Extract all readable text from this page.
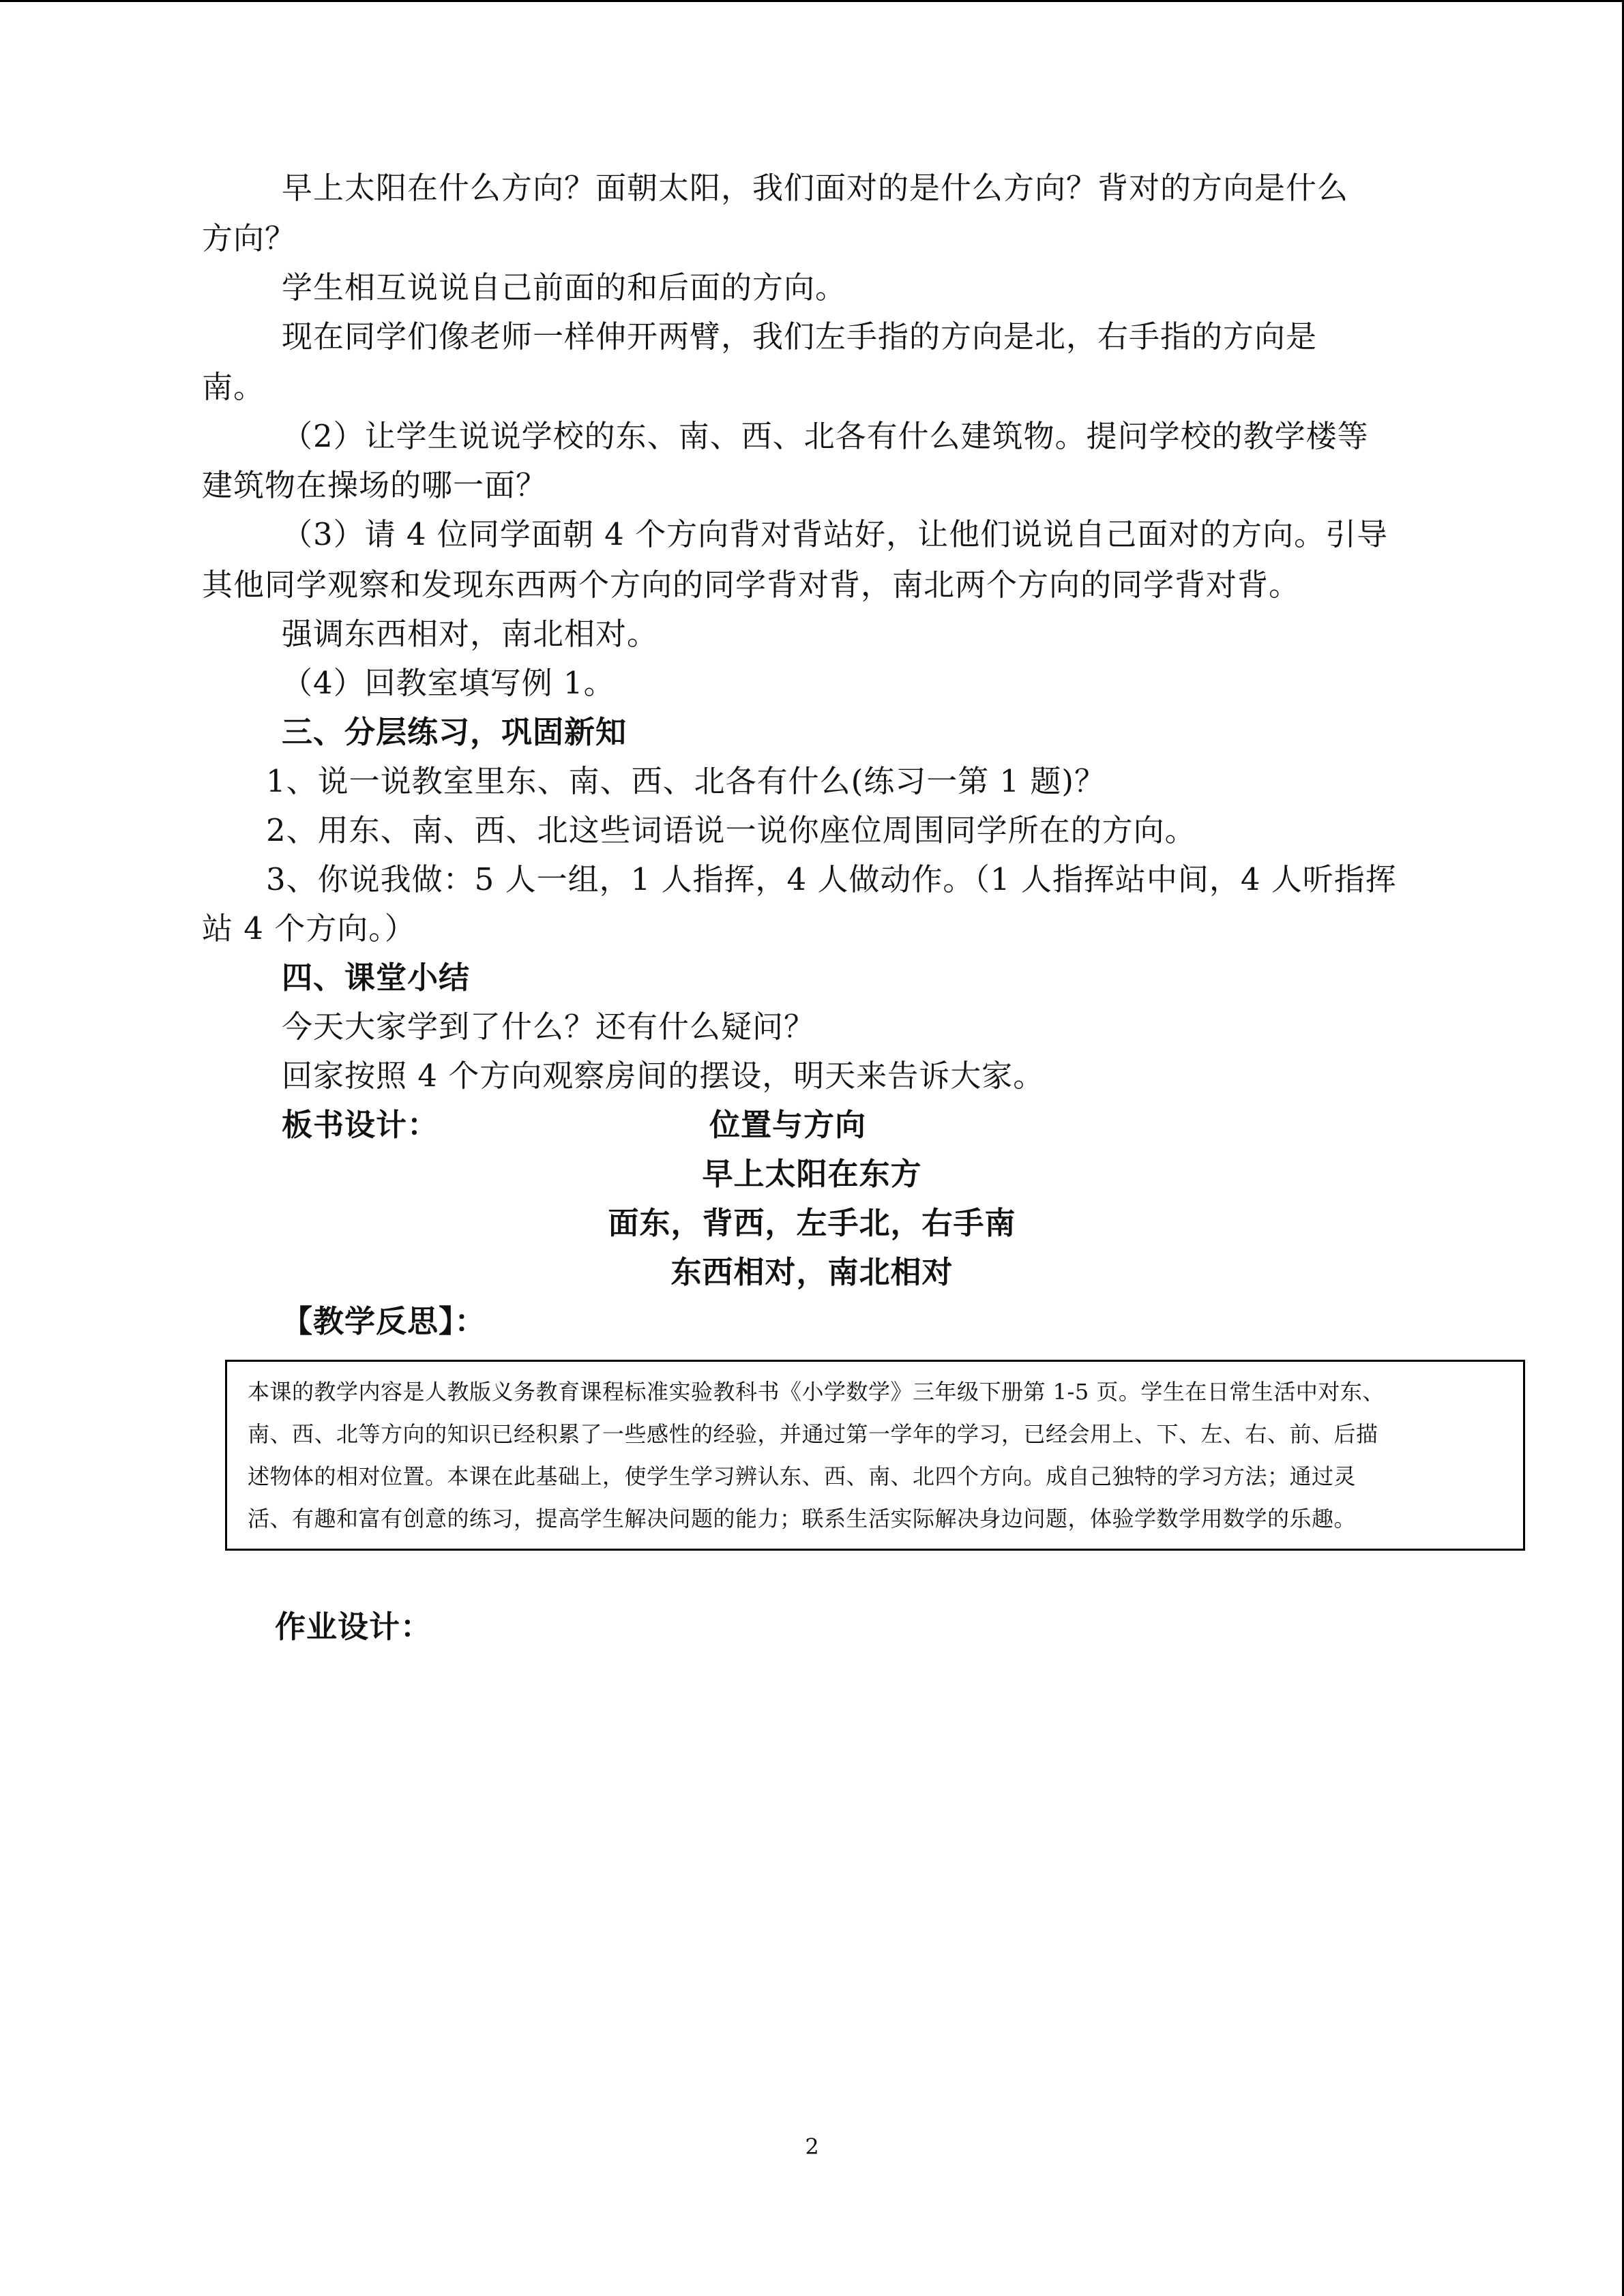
早上太阳在什么方向？面朝太阳，我们面对的是什么方向？背对的方向是什么
方向？
学生相互说说自己前面的和后面的方向。
现在同学们像老师一样伸开两臂，我们左手指的方向是北，右手指的方向是
南。
（2）让学生说说学校的东、南、西、北各有什么建筑物。提问学校的教学楼等
建筑物在操场的哪一面？
（3）请 4 位同学面朝 4 个方向背对背站好，让他们说说自己面对的方向。引导
其他同学观察和发现东西两个方向的同学背对背，南北两个方向的同学背对背。
强调东西相对，南北相对。
（4）回教室填写例 1。
三、分层练习，巩固新知
1、说一说教室里东、南、西、北各有什么(练习一第 1 题)？
2、用东、南、西、北这些词语说一说你座位周围同学所在的方向。
3、你说我做：5 人一组，1 人指挥，4 人做动作。（1 人指挥站中间，4 人听指挥
站 4 个方向。）
四、课堂小结
今天大家学到了什么？还有什么疑问？
回家按照 4 个方向观察房间的摆设，明天来告诉大家。
板书设计：	位置与方向
早上太阳在东方
面东，背西，左手北，右手南
东西相对，南北相对
【教学反思】：
本课的教学内容是人教版义务教育课程标准实验教科书《小学数学》三年级下册第 1-5 页。学生在日常生活中对东、
南、西、北等方向的知识已经积累了一些感性的经验，并通过第一学年的学习，已经会用上、下、左、右、前、后描
述物体的相对位置。本课在此基础上，使学生学习辨认东、西、南、北四个方向。成自己独特的学习方法；通过灵
活、有趣和富有创意的练习，提高学生解决问题的能力；联系生活实际解决身边问题，体验学数学用数学的乐趣。
作业设计：
2
